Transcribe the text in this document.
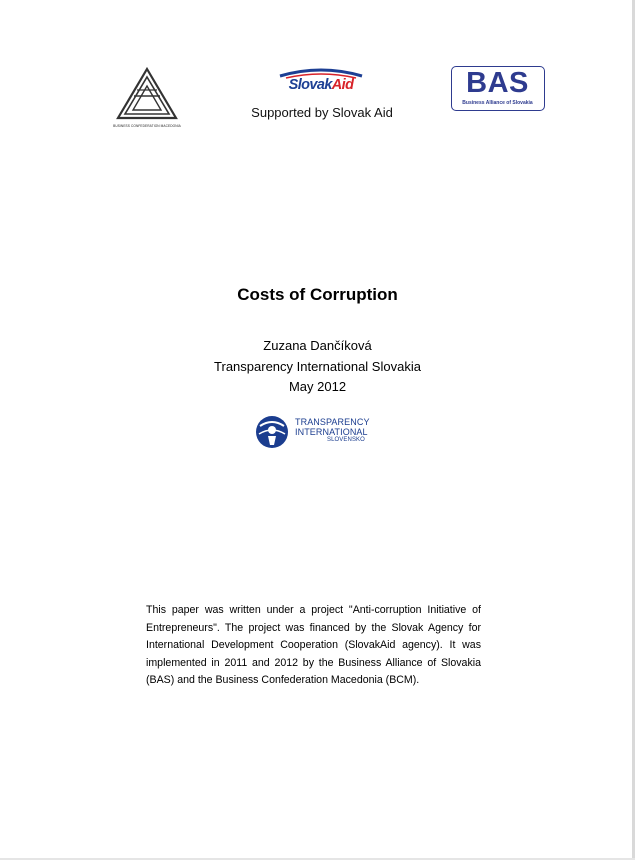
BUSINESS CONFEDERATION MACEDONIA
SlovakAid
Supported by Slovak Aid
BAS
Business Alliance of Slovakia
Costs of Corruption
Zuzana Dančíková
Transparency International Slovakia
May 2012
TRANSPARENCY
INTERNATIONAL
SLOVENSKO
This paper was written under a project "Anti-corruption Initiative of Entrepreneurs". The project was financed by the Slovak Agency for International Development Cooperation (SlovakAid agency). It was implemented in 2011 and 2012 by the Business Alliance of Slovakia (BAS) and the Business Confederation Macedonia (BCM).
